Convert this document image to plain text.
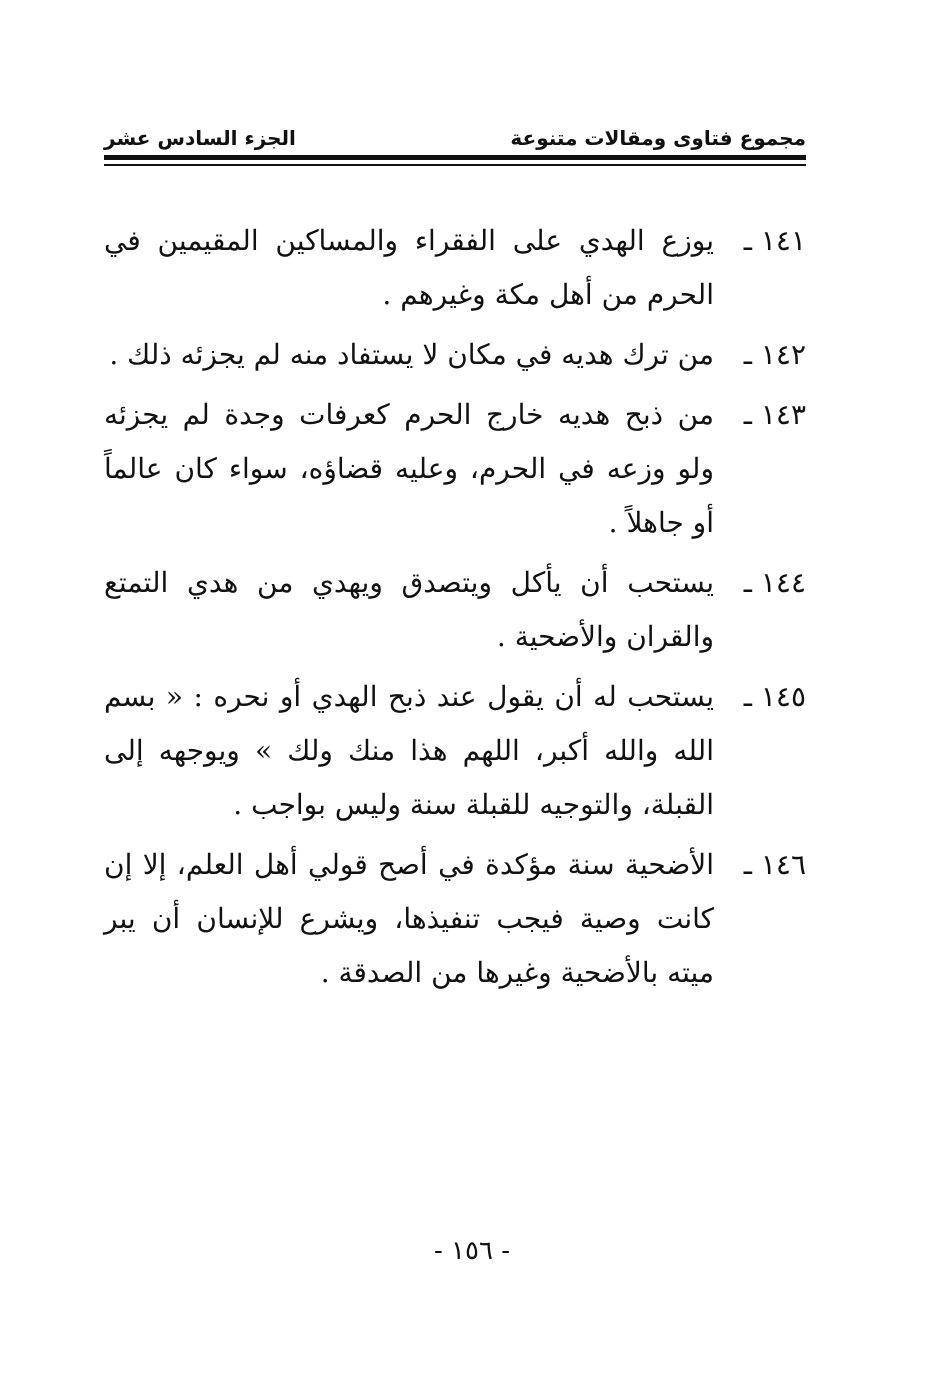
مجموع فتاوى ومقالات متنوعة
الجزء السادس عشر
١٤١ ـ
يوزع الهدي على الفقراء والمساكين المقيمين في الحرم من أهل مكة وغيرهم .
١٤٢ ـ
من ترك هديه في مكان لا يستفاد منه لم يجزئه ذلك .
١٤٣ ـ
من ذبح هديه خارج الحرم كعرفات وجدة لم يجزئه ولو وزعه في الحرم، وعليه قضاؤه، سواء كان عالماً أو جاهلاً .
١٤٤ ـ
يستحب أن يأكل ويتصدق ويهدي من هدي التمتع والقران والأضحية .
١٤٥ ـ
يستحب له أن يقول عند ذبح الهدي أو نحره : « بسم الله والله أكبر، اللهم هذا منك ولك » ويوجهه إلى القبلة، والتوجيه للقبلة سنة وليس بواجب .
١٤٦ ـ
الأضحية سنة مؤكدة في أصح قولي أهل العلم، إلا إن كانت وصية فيجب تنفيذها، ويشرع للإنسان أن يبر ميته بالأضحية وغيرها من الصدقة .
- ١٥٦ -
